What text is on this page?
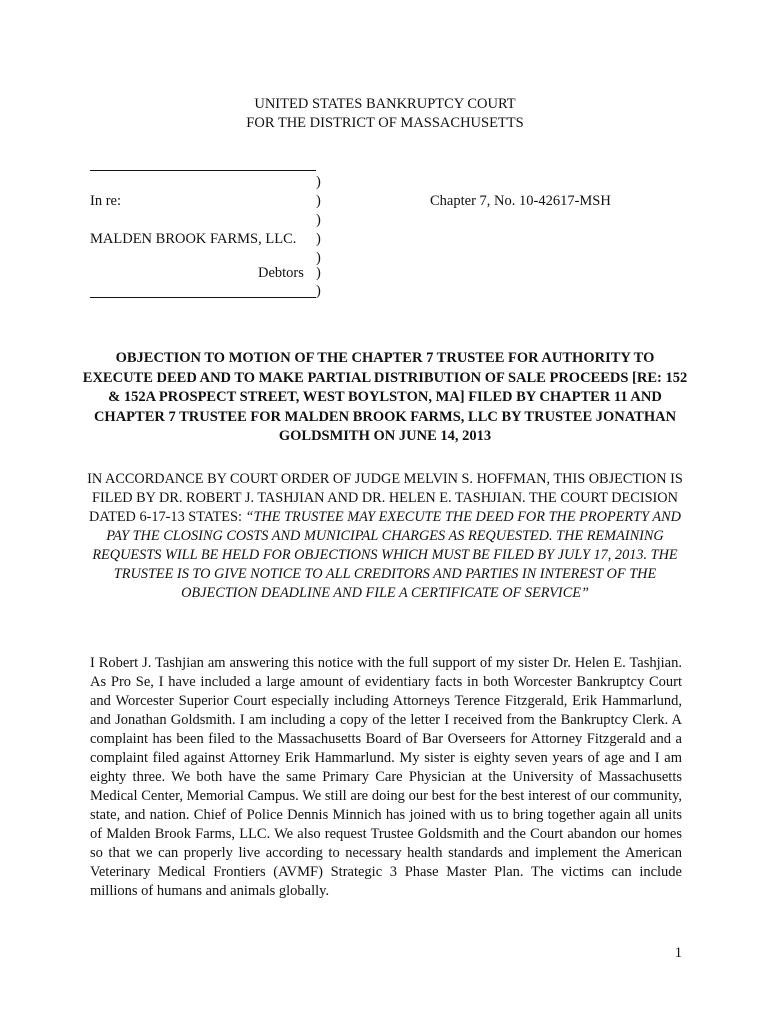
UNITED STATES BANKRUPTCY COURT
FOR THE DISTRICT OF MASSACHUSETTS
)
)
)
)
)
)
)
In re:
MALDEN BROOK FARMS, LLC.
Debtors
Chapter 7, No. 10-42617-MSH
OBJECTION TO MOTION OF THE CHAPTER 7 TRUSTEE FOR AUTHORITY TO EXECUTE DEED AND TO MAKE PARTIAL DISTRIBUTION OF SALE PROCEEDS [RE: 152 & 152A PROSPECT STREET, WEST BOYLSTON, MA] FILED BY CHAPTER 11 AND CHAPTER 7 TRUSTEE FOR MALDEN BROOK FARMS, LLC BY TRUSTEE JONATHAN GOLDSMITH ON JUNE 14, 2013
IN ACCORDANCE BY COURT ORDER OF JUDGE MELVIN S. HOFFMAN, THIS OBJECTION IS FILED BY DR. ROBERT J. TASHJIAN AND DR. HELEN E. TASHJIAN. THE COURT DECISION DATED 6-17-13 STATES: “THE TRUSTEE MAY EXECUTE THE DEED FOR THE PROPERTY AND PAY THE CLOSING COSTS AND MUNICIPAL CHARGES AS REQUESTED. THE REMAINING REQUESTS WILL BE HELD FOR OBJECTIONS WHICH MUST BE FILED BY JULY 17, 2013. THE TRUSTEE IS TO GIVE NOTICE TO ALL CREDITORS AND PARTIES IN INTEREST OF THE OBJECTION DEADLINE AND FILE A CERTIFICATE OF SERVICE”
I Robert J. Tashjian am answering this notice with the full support of my sister Dr. Helen E. Tashjian. As Pro Se, I have included a large amount of evidentiary facts in both Worcester Bankruptcy Court and Worcester Superior Court especially including Attorneys Terence Fitzgerald, Erik Hammarlund, and Jonathan Goldsmith. I am including a copy of the letter I received from the Bankruptcy Clerk. A complaint has been filed to the Massachusetts Board of Bar Overseers for Attorney Fitzgerald and a complaint filed against Attorney Erik Hammarlund. My sister is eighty seven years of age and I am eighty three. We both have the same Primary Care Physician at the University of Massachusetts Medical Center, Memorial Campus. We still are doing our best for the best interest of our community, state, and nation. Chief of Police Dennis Minnich has joined with us to bring together again all units of Malden Brook Farms, LLC. We also request Trustee Goldsmith and the Court abandon our homes so that we can properly live according to necessary health standards and implement the American Veterinary Medical Frontiers (AVMF) Strategic 3 Phase Master Plan. The victims can include millions of humans and animals globally.
1
